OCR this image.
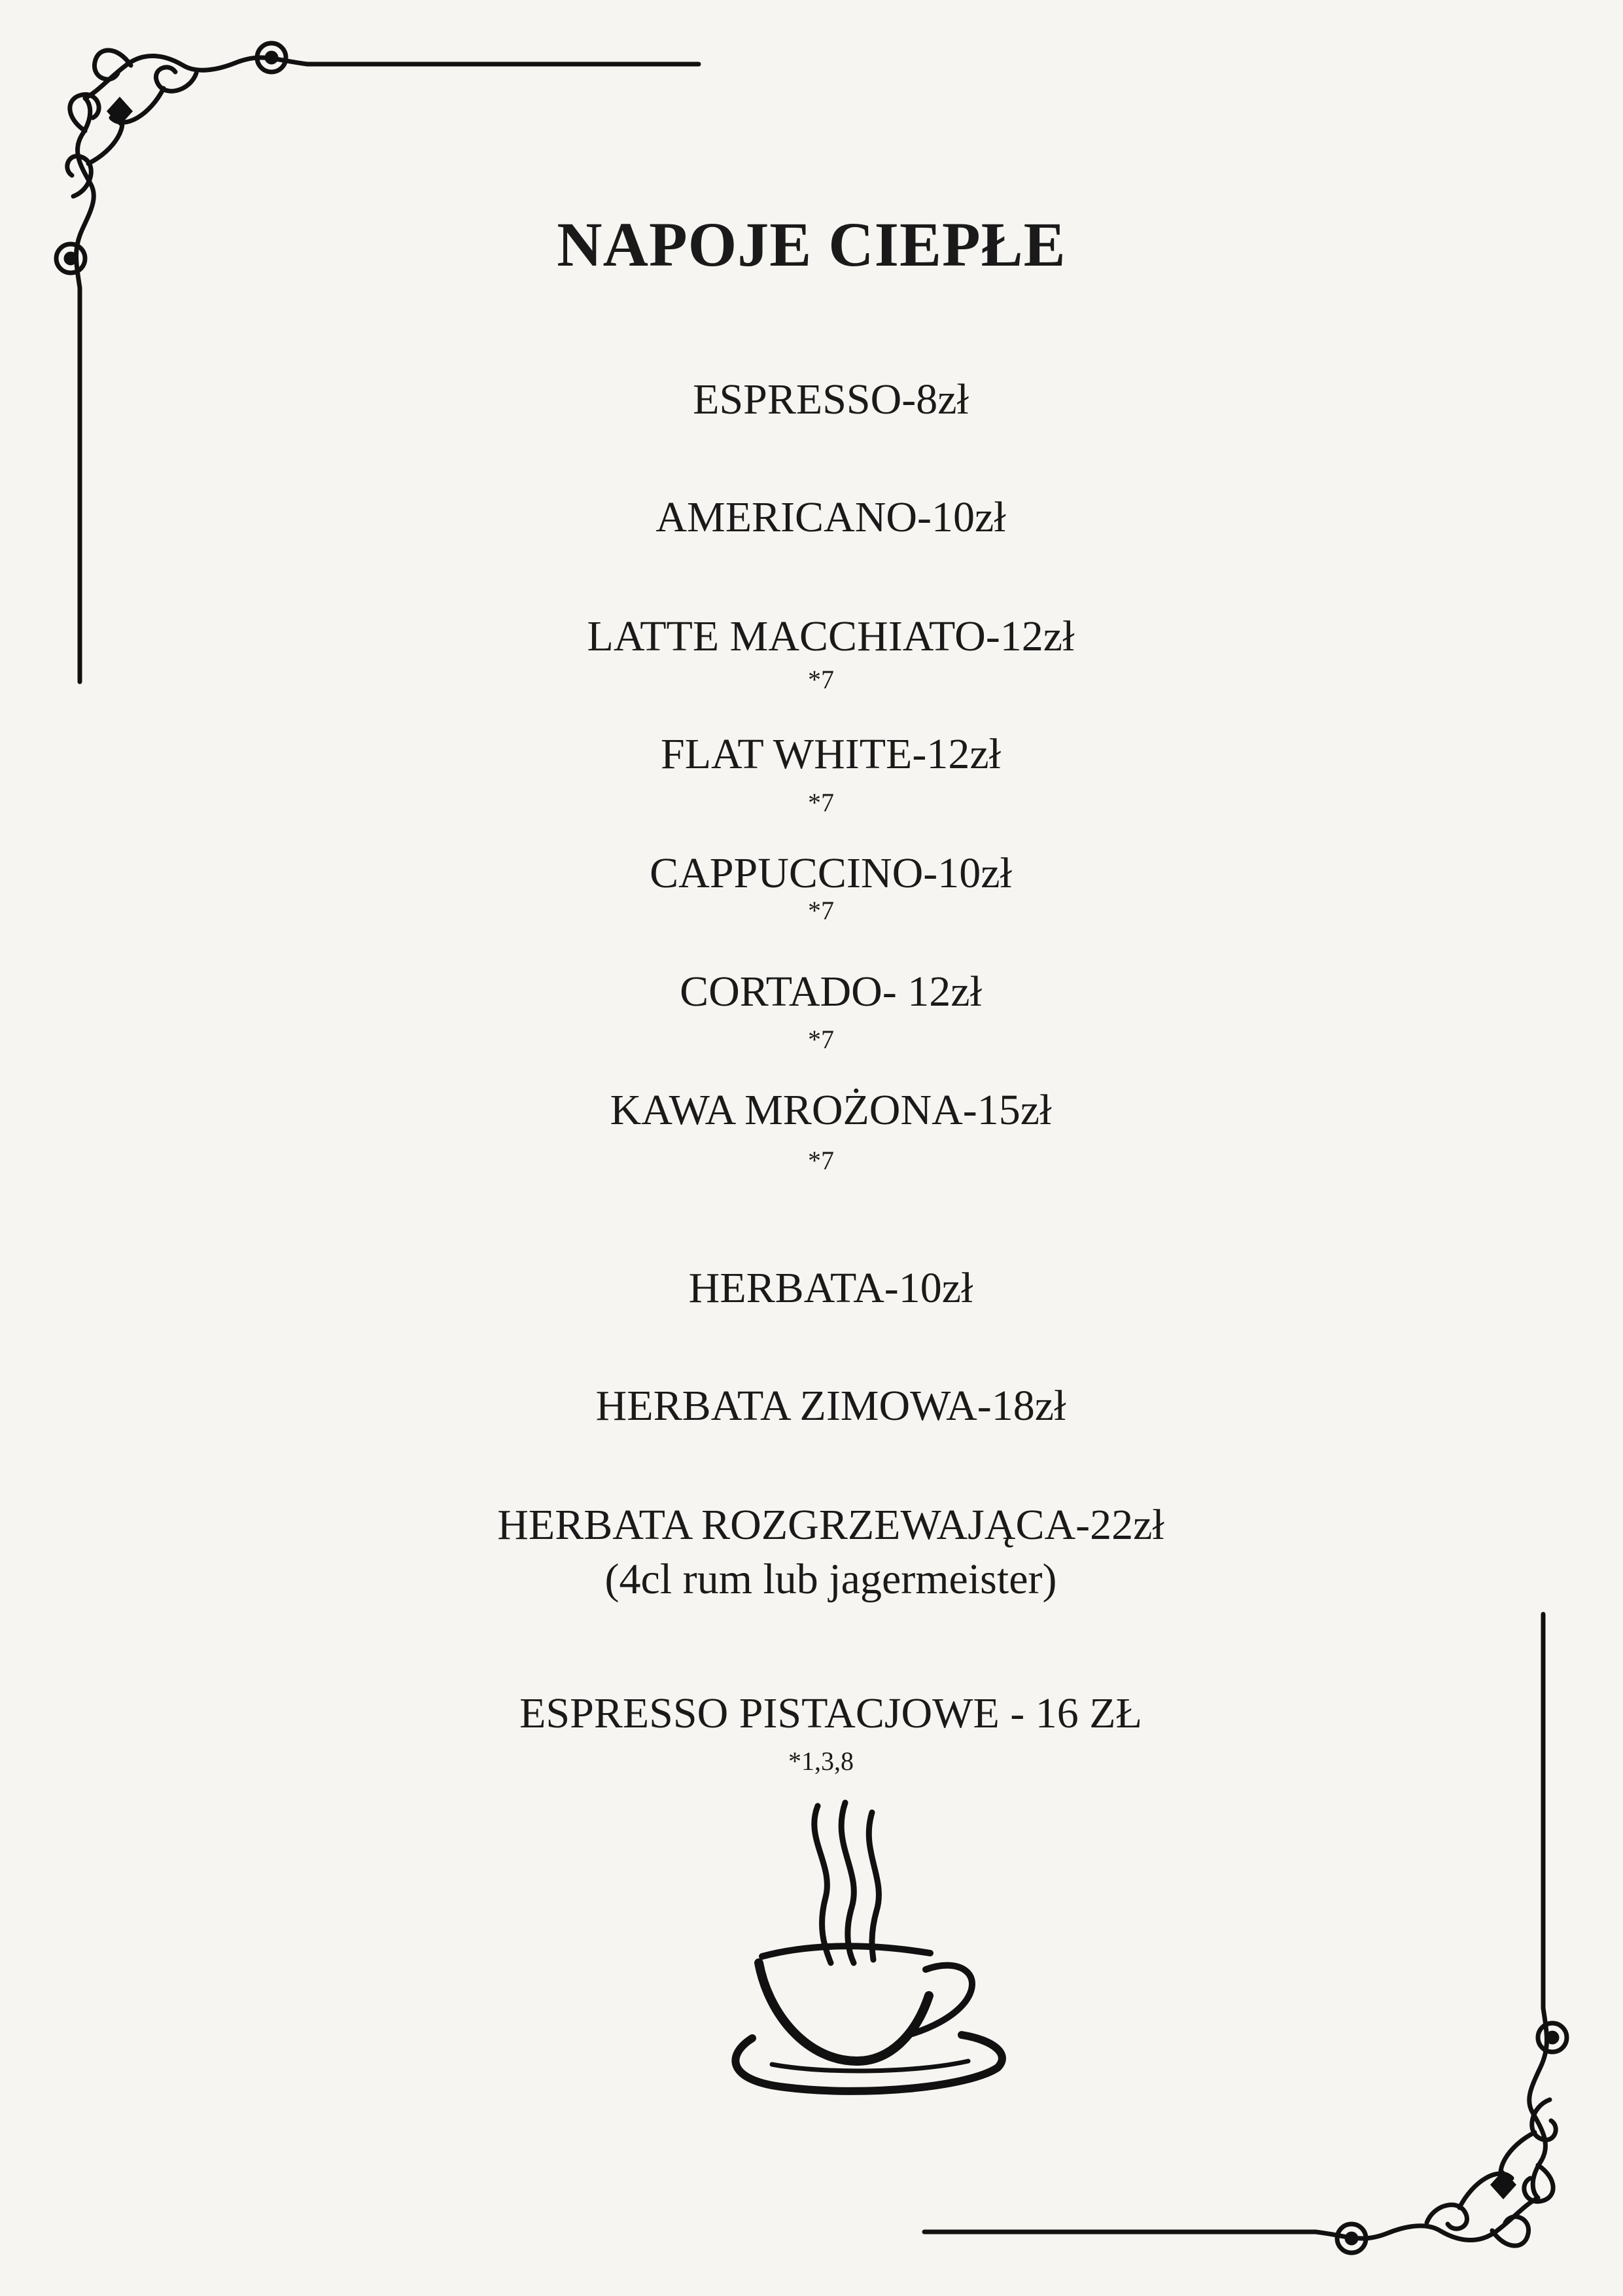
NAPOJE CIEPŁE
ESPRESSO-8zł
AMERICANO-10zł
LATTE MACCHIATO-12zł
*7
FLAT WHITE-12zł
*7
CAPPUCCINO-10zł
*7
CORTADO- 12zł
*7
KAWA MROŻONA-15zł
*7
HERBATA-10zł
HERBATA ZIMOWA-18zł
HERBATA ROZGRZEWAJĄCA-22zł
(4cl rum lub jagermeister)
ESPRESSO PISTACJOWE - 16 ZŁ
*1,3,8
